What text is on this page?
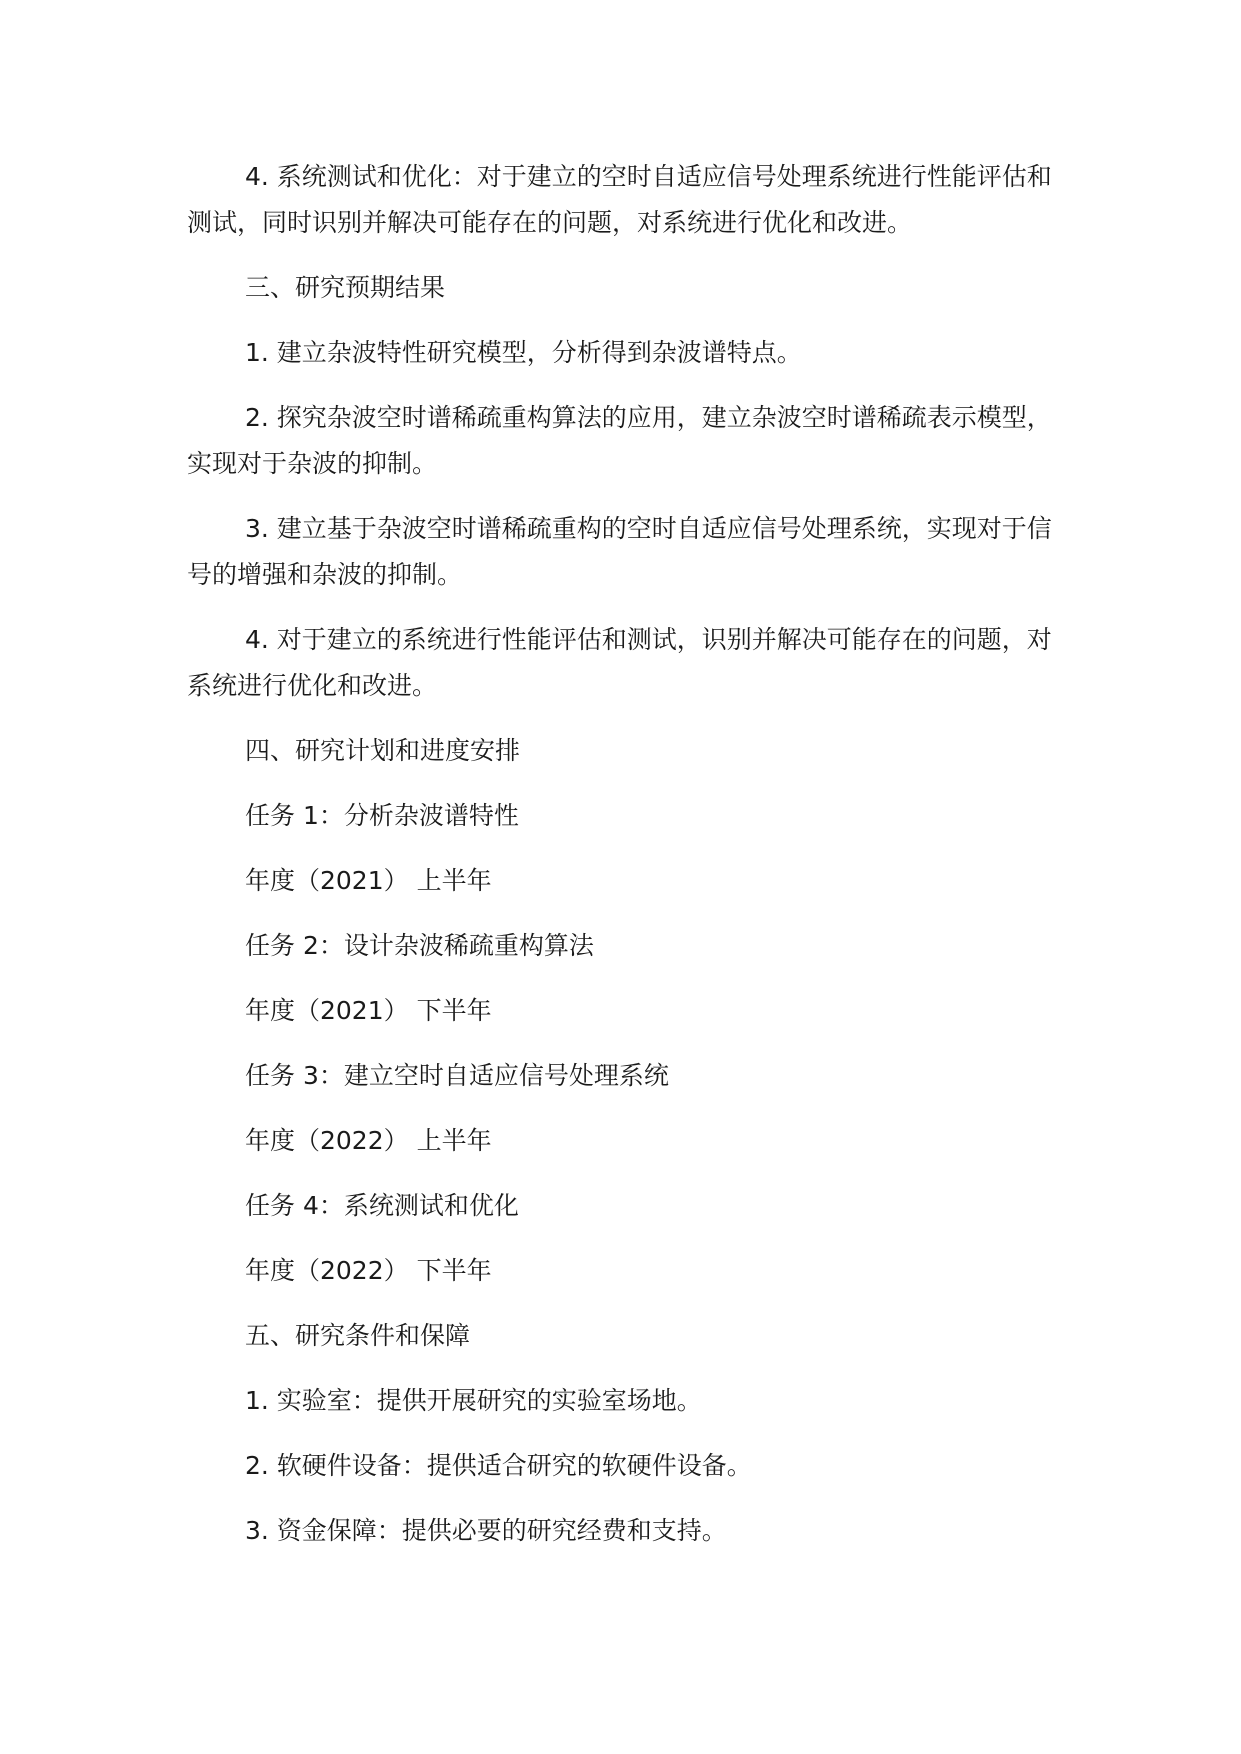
4. 系统测试和优化：对于建立的空时自适应信号处理系统进行性能评估和测试，同时识别并解决可能存在的问题，对系统进行优化和改进。

三、研究预期结果

1. 建立杂波特性研究模型，分析得到杂波谱特点。

2. 探究杂波空时谱稀疏重构算法的应用，建立杂波空时谱稀疏表示模型，实现对于杂波的抑制。

3. 建立基于杂波空时谱稀疏重构的空时自适应信号处理系统，实现对于信号的增强和杂波的抑制。

4. 对于建立的系统进行性能评估和测试，识别并解决可能存在的问题，对系统进行优化和改进。

四、研究计划和进度安排

任务 1：分析杂波谱特性

年度（2021） 上半年

任务 2：设计杂波稀疏重构算法

年度（2021） 下半年

任务 3：建立空时自适应信号处理系统

年度（2022） 上半年

任务 4：系统测试和优化

年度（2022） 下半年

五、研究条件和保障

1. 实验室：提供开展研究的实验室场地。

2. 软硬件设备：提供适合研究的软硬件设备。

3. 资金保障：提供必要的研究经费和支持。
